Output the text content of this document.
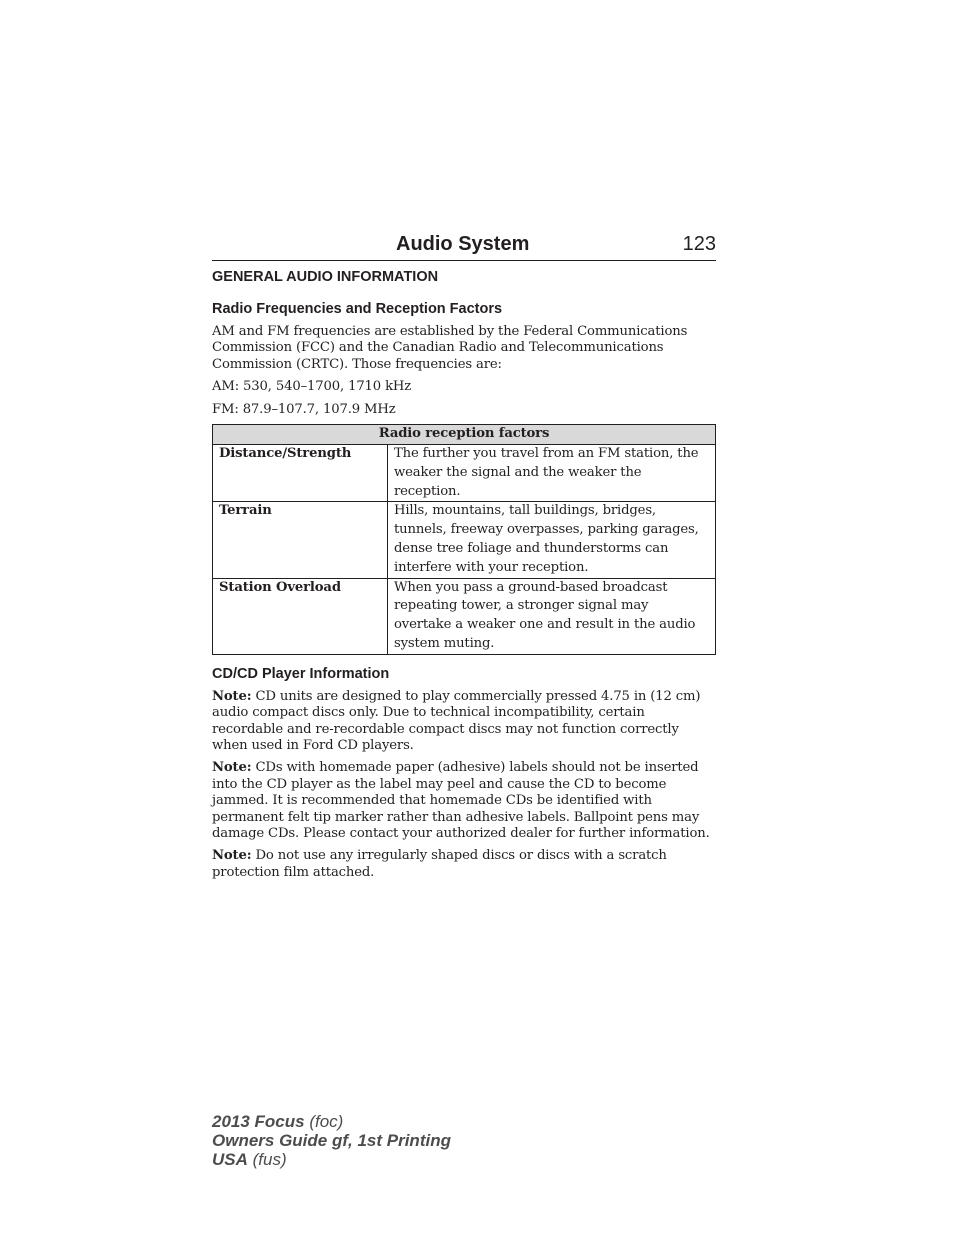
Audio System	123
GENERAL AUDIO INFORMATION
Radio Frequencies and Reception Factors
AM and FM frequencies are established by the Federal Communications Commission (FCC) and the Canadian Radio and Telecommunications Commission (CRTC). Those frequencies are:
AM: 530, 540–1700, 1710 kHz
FM: 87.9–107.7, 107.9 MHz
Radio reception factors	
Distance/Strength	The further you travel from an FM station, the weaker the signal and the weaker the reception.
Terrain	Hills, mountains, tall buildings, bridges, tunnels, freeway overpasses, parking garages, dense tree foliage and thunderstorms can interfere with your reception.
Station Overload	When you pass a ground-based broadcast repeating tower, a stronger signal may overtake a weaker one and result in the audio system muting.
CD/CD Player Information
Note: CD units are designed to play commercially pressed 4.75 in (12 cm) audio compact discs only. Due to technical incompatibility, certain recordable and re-recordable compact discs may not function correctly when used in Ford CD players.
Note: CDs with homemade paper (adhesive) labels should not be inserted into the CD player as the label may peel and cause the CD to become jammed. It is recommended that homemade CDs be identified with permanent felt tip marker rather than adhesive labels. Ballpoint pens may damage CDs. Please contact your authorized dealer for further information.
Note: Do not use any irregularly shaped discs or discs with a scratch protection film attached.
2013 Focus (foc)
Owners Guide gf, 1st Printing
USA (fus)
